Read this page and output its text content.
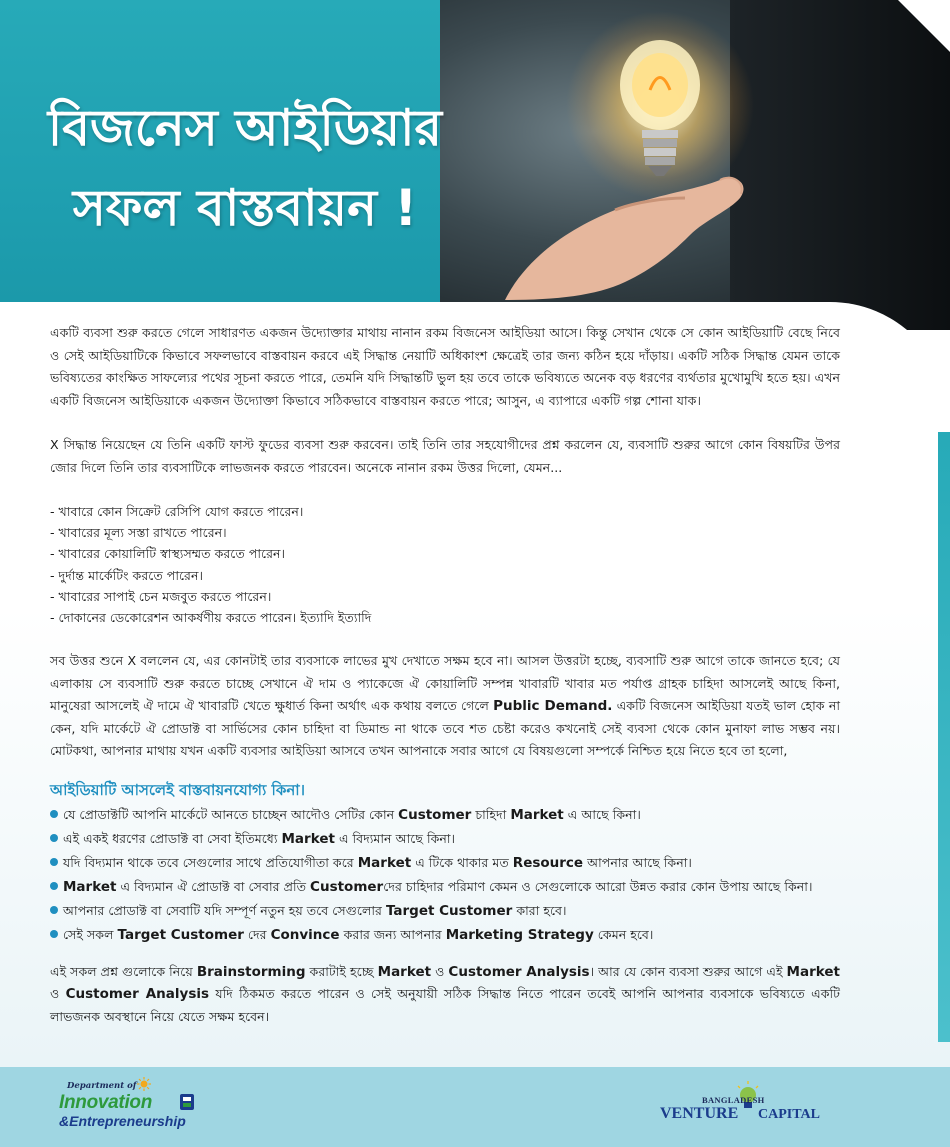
বিজনেস আইডিয়ার
সফল বাস্তবায়ন !

একটি ব্যবসা শুরু করতে গেলে সাধারণত একজন উদ্যোক্তার মাথায় নানান রকম বিজনেস আইডিয়া আসে। কিন্তু সেখান থেকে সে কোন আইডিয়াটি বেছে নিবে ও সেই আইডিয়াটিকে কিভাবে সফলভাবে বাস্তবায়ন করবে এই সিদ্ধান্ত নেয়াটি অধিকাংশ ক্ষেত্রেই তার জন্য কঠিন হয়ে দাঁড়ায়। একটি সঠিক সিদ্ধান্ত যেমন তাকে ভবিষ্যতের কাংক্ষিত সাফল্যের পথের সূচনা করতে পারে, তেমনি যদি সিদ্ধান্তটি ভুল হয় তবে তাকে ভবিষ্যতে অনেক বড় ধরণের ব্যর্থতার মুখোমুখি হতে হয়। এখন একটি বিজনেস আইডিয়াকে একজন উদ্যোক্তা কিভাবে সঠিকভাবে বাস্তবায়ন করতে পারে; আসুন, এ ব্যাপারে একটি গল্প শোনা যাক।

X সিদ্ধান্ত নিয়েছেন যে তিনি একটি ফাস্ট ফুডের ব্যবসা শুরু করবেন। তাই তিনি তার সহযোগীদের প্রশ্ন করলেন যে, ব্যবসাটি শুরুর আগে কোন বিষয়টির উপর জোর দিলে তিনি তার ব্যবসাটিকে লাভজনক করতে পারবেন। অনেকে নানান রকম উত্তর দিলো, যেমন...

- খাবারে কোন সিক্রেট রেসিপি যোগ করতে পারেন।
- খাবারের মূল্য সস্তা রাখতে পারেন।
- খাবারের কোয়ালিটি স্বাস্থ্যসম্মত করতে পারেন।
- দুর্দান্ত মার্কেটিং করতে পারেন।
- খাবারের সাপাই চেন মজবুত করতে পারেন।
- দোকানের ডেকোরেশন আকর্ষণীয় করতে পারেন। ইত্যাদি ইত্যাদি

সব উত্তর শুনে X বললেন যে, এর কোনটাই তার ব্যবসাকে লাভের মুখ দেখাতে সক্ষম হবে না। আসল উত্তরটা হচ্ছে, ব্যবসাটি শুরু আগে তাকে জানতে হবে; যে এলাকায় সে ব্যবসাটি শুরু করতে চাচ্ছে সেখানে ঐ দাম ও প্যাকেজে ঐ কোয়ালিটি সম্পন্ন খাবারটি খাবার মত পর্যাপ্ত গ্রাহক চাহিদা আসলেই আছে কিনা, মানুষেরা আসলেই ঐ দামে ঐ খাবারটি খেতে ক্ষুধার্ত কিনা অর্থাৎ এক কথায় বলতে গেলে Public Demand. একটি বিজনেস আইডিয়া যতই ভাল হোক না কেন, যদি মার্কেটে ঐ প্রোডাক্ট বা সার্ভিসের কোন চাহিদা বা ডিমান্ড না থাকে তবে শত চেষ্টা করেও কখনোই সেই ব্যবসা থেকে কোন মুনাফা লাভ সম্ভব নয়। মোটকথা, আপনার মাথায় যখন একটি ব্যবসার আইডিয়া আসবে তখন আপনাকে সবার আগে যে বিষয়গুলো সম্পর্কে নিশ্চিত হয়ে নিতে হবে তা হলো,

আইডিয়াটি আসলেই বাস্তবায়নযোগ্য কিনা।
যে প্রোডাক্টটি আপনি মার্কেটে আনতে চাচ্ছেন আদৌও সেটির কোন Customer চাহিদা Market এ আছে কিনা।
এই একই ধরণের প্রোডাক্ট বা সেবা ইতিমধ্যে Market এ বিদ্যমান আছে কিনা।
যদি বিদ্যমান থাকে তবে সেগুলোর সাথে প্রতিযোগীতা করে Market এ টিকে থাকার মত Resource আপনার আছে কিনা।
Market এ বিদ্যমান ঐ প্রোডাক্ট বা সেবার প্রতি Customerদের চাহিদার পরিমাণ কেমন ও সেগুলোকে আরো উন্নত করার কোন উপায় আছে কিনা।
আপনার প্রোডাক্ট বা সেবাটি যদি সম্পূর্ণ নতুন হয় তবে সেগুলোর Target Customer কারা হবে।
সেই সকল Target Customer দের Convince করার জন্য আপনার Marketing Strategy কেমন হবে।

এই সকল প্রশ্ন গুলোকে নিয়ে Brainstorming করাটাই হচ্ছে Market ও Customer Analysis। আর যে কোন ব্যবসা শুরুর আগে এই Market ও Customer Analysis যদি ঠিকমত করতে পারেন ও সেই অনুযায়ী সঠিক সিদ্ধান্ত নিতে পারেন তবেই আপনি আপনার ব্যবসাকে ভবিষ্যতে একটি লাভজনক অবস্থানে নিয়ে যেতে সক্ষম হবেন।

Department of
Innovation
&Entrepreneurship
BANGLADESH
VENTURE CAPITAL
